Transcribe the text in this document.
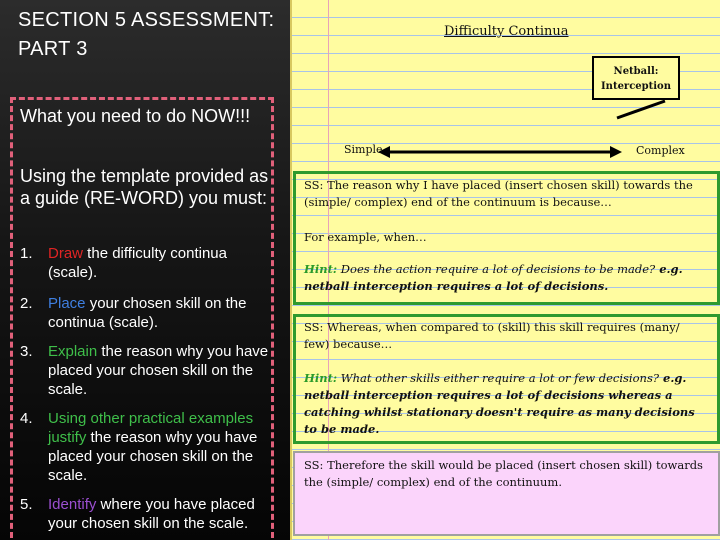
SECTION 5 ASSESSMENT: PART 3
What you need to do NOW!!!
Using the template provided as a guide (RE-WORD) you must:
1. Draw the difficulty continua (scale).
2. Place your chosen skill on the continua (scale).
3. Explain the reason why you have placed your chosen skill on the scale.
4. Using other practical examples justify the reason why you have placed your chosen skill on the scale.
5. Identify where you have placed your chosen skill on the scale.
Difficulty Continua
Netball:
Interception
Simple	Complex
SS: The reason why I have placed (insert chosen skill) towards the (simple/ complex) end of the continuum is because…
For example, when…
Hint: Does the action require a lot of decisions to be made? e.g. netball interception requires a lot of decisions.
SS: Whereas, when compared to (skill) this skill requires (many/ few) because…
Hint: What other skills either require a lot or few decisions? e.g. netball interception requires a lot of decisions whereas a catching whilst stationary doesn't require as many decisions to be made.
SS: Therefore the skill would be placed (insert chosen skill) towards the (simple/ complex) end of the continuum.
